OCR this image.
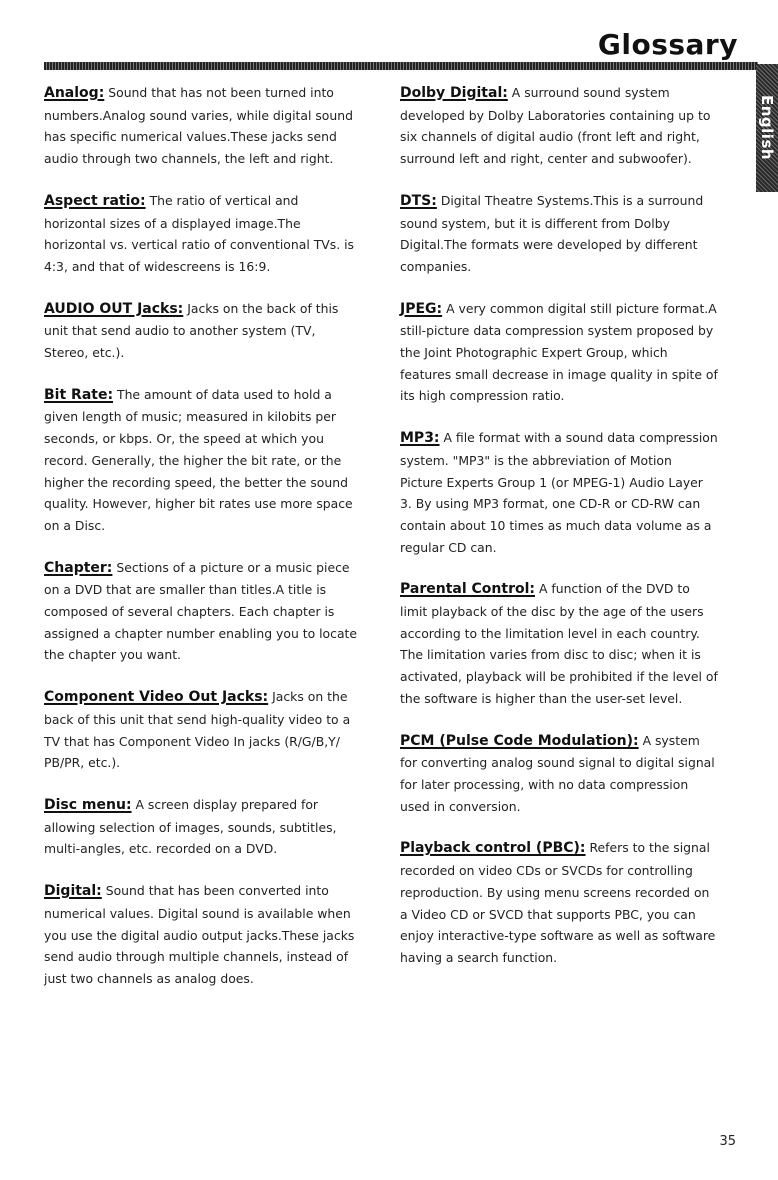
Glossary
English

Analog: Sound that has not been turned into numbers.Analog sound varies, while digital sound has specific numerical values.These jacks send audio through two channels, the left and right.

Aspect ratio: The ratio of vertical and horizontal sizes of a displayed image.The horizontal vs. vertical ratio of conventional TVs. is 4:3, and that of widescreens is 16:9.

AUDIO OUT Jacks: Jacks on the back of this unit that send audio to another system (TV, Stereo, etc.).

Bit Rate: The amount of data used to hold a given length of music; measured in kilobits per seconds, or kbps. Or, the speed at which you record. Generally, the higher the bit rate, or the higher the recording speed, the better the sound quality. However, higher bit rates use more space on a Disc.

Chapter: Sections of a picture or a music piece on a DVD that are smaller than titles.A title is composed of several chapters. Each chapter is assigned a chapter number enabling you to locate the chapter you want.

Component Video Out Jacks: Jacks on the back of this unit that send high-quality video to a TV that has Component Video In jacks (R/G/B,Y/ PB/PR, etc.).

Disc menu: A screen display prepared for allowing selection of images, sounds, subtitles, multi-angles, etc. recorded on a DVD.

Digital: Sound that has been converted into numerical values. Digital sound is available when you use the digital audio output jacks.These jacks send audio through multiple channels, instead of just two channels as analog does.

Dolby Digital: A surround sound system developed by Dolby Laboratories containing up to six channels of digital audio (front left and right, surround left and right, center and subwoofer).

DTS: Digital Theatre Systems.This is a surround sound system, but it is different from Dolby Digital.The formats were developed by different companies.

JPEG: A very common digital still picture format.A still-picture data compression system proposed by the Joint Photographic Expert Group, which features small decrease in image quality in spite of its high compression ratio.

MP3: A file format with a sound data compression system. "MP3" is the abbreviation of Motion Picture Experts Group 1 (or MPEG-1) Audio Layer 3. By using MP3 format, one CD-R or CD-RW can contain about 10 times as much data volume as a regular CD can.

Parental Control: A function of the DVD to limit playback of the disc by the age of the users according to the limitation level in each country. The limitation varies from disc to disc; when it is activated, playback will be prohibited if the level of the software is higher than the user-set level.

PCM (Pulse Code Modulation): A system for converting analog sound signal to digital signal for later processing, with no data compression used in conversion.

Playback control (PBC): Refers to the signal recorded on video CDs or SVCDs for controlling reproduction. By using menu screens recorded on a Video CD or SVCD that supports PBC, you can enjoy interactive-type software as well as software having a search function.

35
